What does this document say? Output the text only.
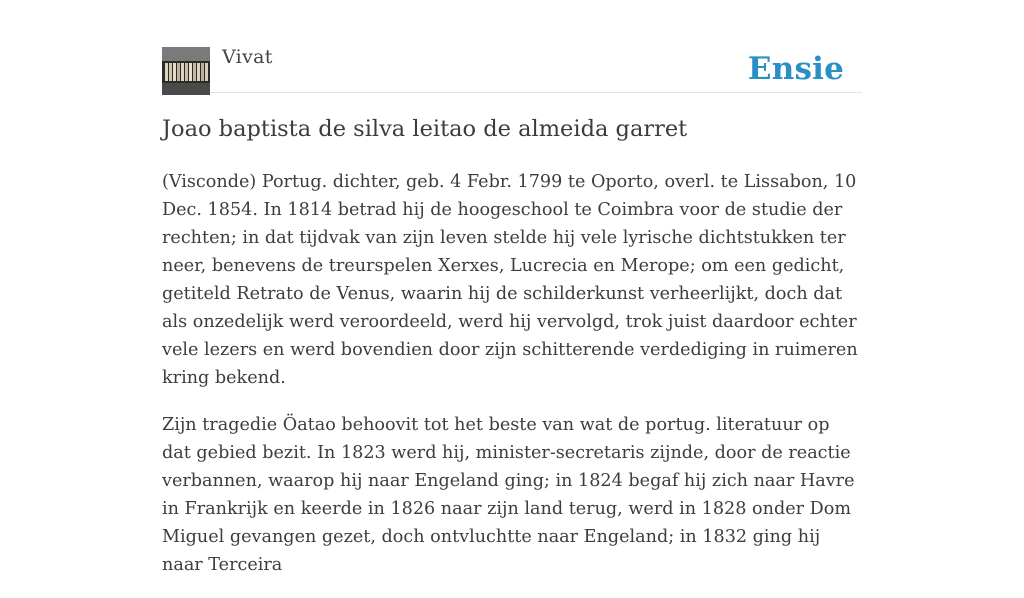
Vivat	Ensie
Joao baptista de silva leitao de almeida garret

(Visconde) Portug. dichter, geb. 4 Febr. 1799 te Oporto, overl. te Lissabon, 10 Dec. 1854. In 1814 betrad hij de hoogeschool te Coimbra voor de studie der rechten; in dat tijdvak van zijn leven stelde hij vele lyrische dichtstukken ter neer, benevens de treurspelen Xerxes, Lucrecia en Merope; om een gedicht, getiteld Retrato de Venus, waarin hij de schilderkunst verheerlijkt, doch dat als onzedelijk werd veroordeeld, werd hij vervolgd, trok juist daardoor echter vele lezers en werd bovendien door zijn schitterende verdediging in ruimeren kring bekend.

Zijn tragedie Öatao behoovit tot het beste van wat de portug. literatuur op dat gebied bezit. In 1823 werd hij, minister-secretaris zijnde, door de reactie verbannen, waarop hij naar Engeland ging; in 1824 begaf hij zich naar Havre in Frankrijk en keerde in 1826 naar zijn land terug, werd in 1828 onder Dom Miguel gevangen gezet, doch ontvluchtte naar Engeland; in 1832 ging hij naar Terceira
